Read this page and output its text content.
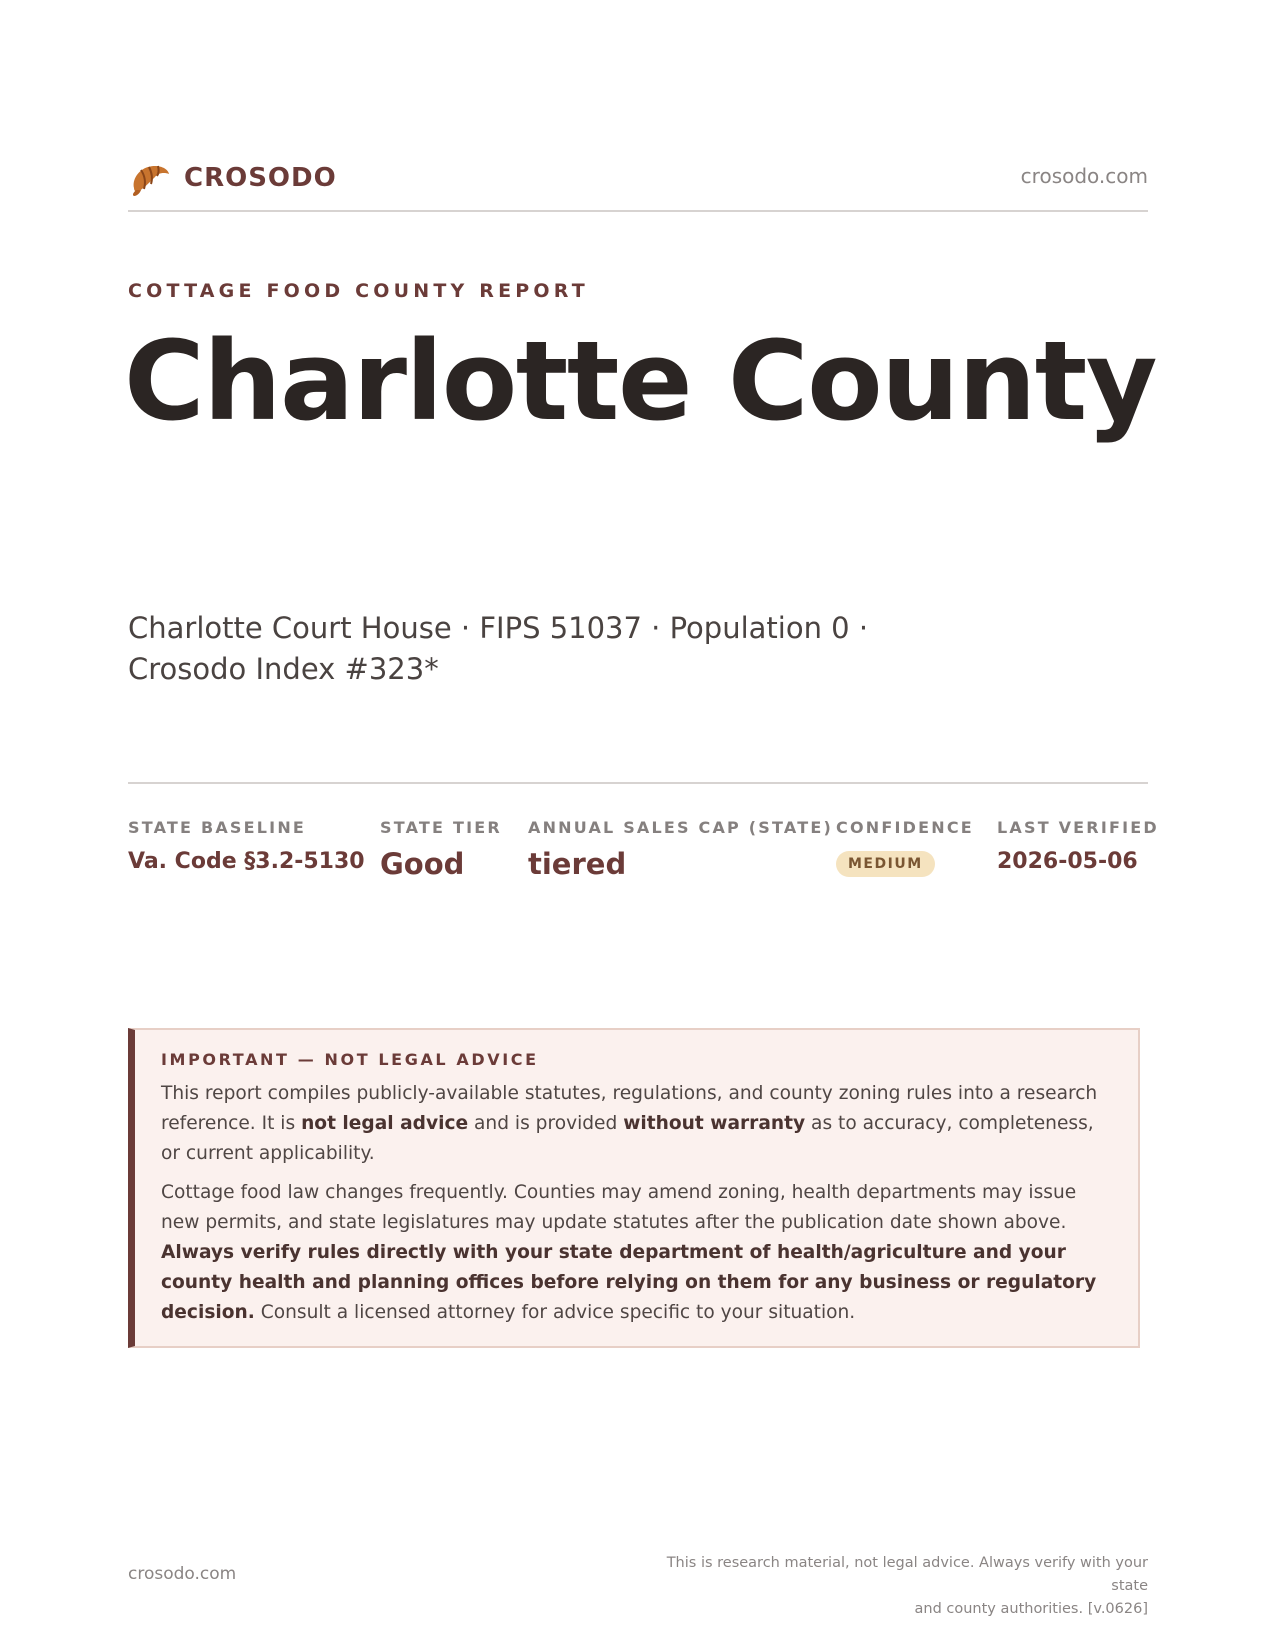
CROSODO	crosodo.com
COTTAGE FOOD COUNTY REPORT
Charlotte County
Charlotte Court House · FIPS 51037 · Population 0 ·
Crosodo Index #323*
STATE BASELINE
Va. Code §3.2-5130
STATE TIER
Good
ANNUAL SALES CAP (STATE)
tiered
CONFIDENCE
MEDIUM
LAST VERIFIED
2026-05-06
IMPORTANT — NOT LEGAL ADVICE

This report compiles publicly-available statutes, regulations, and county zoning rules into a research reference. It is not legal advice and is provided without warranty as to accuracy, completeness, or current applicability.

Cottage food law changes frequently. Counties may amend zoning, health departments may issue new permits, and state legislatures may update statutes after the publication date shown above. Always verify rules directly with your state department of health/agriculture and your county health and planning offices before relying on them for any business or regulatory decision. Consult a licensed attorney for advice specific to your situation.

crosodo.com
This is research material, not legal advice. Always verify with your state
and county authorities. [v.0626]
